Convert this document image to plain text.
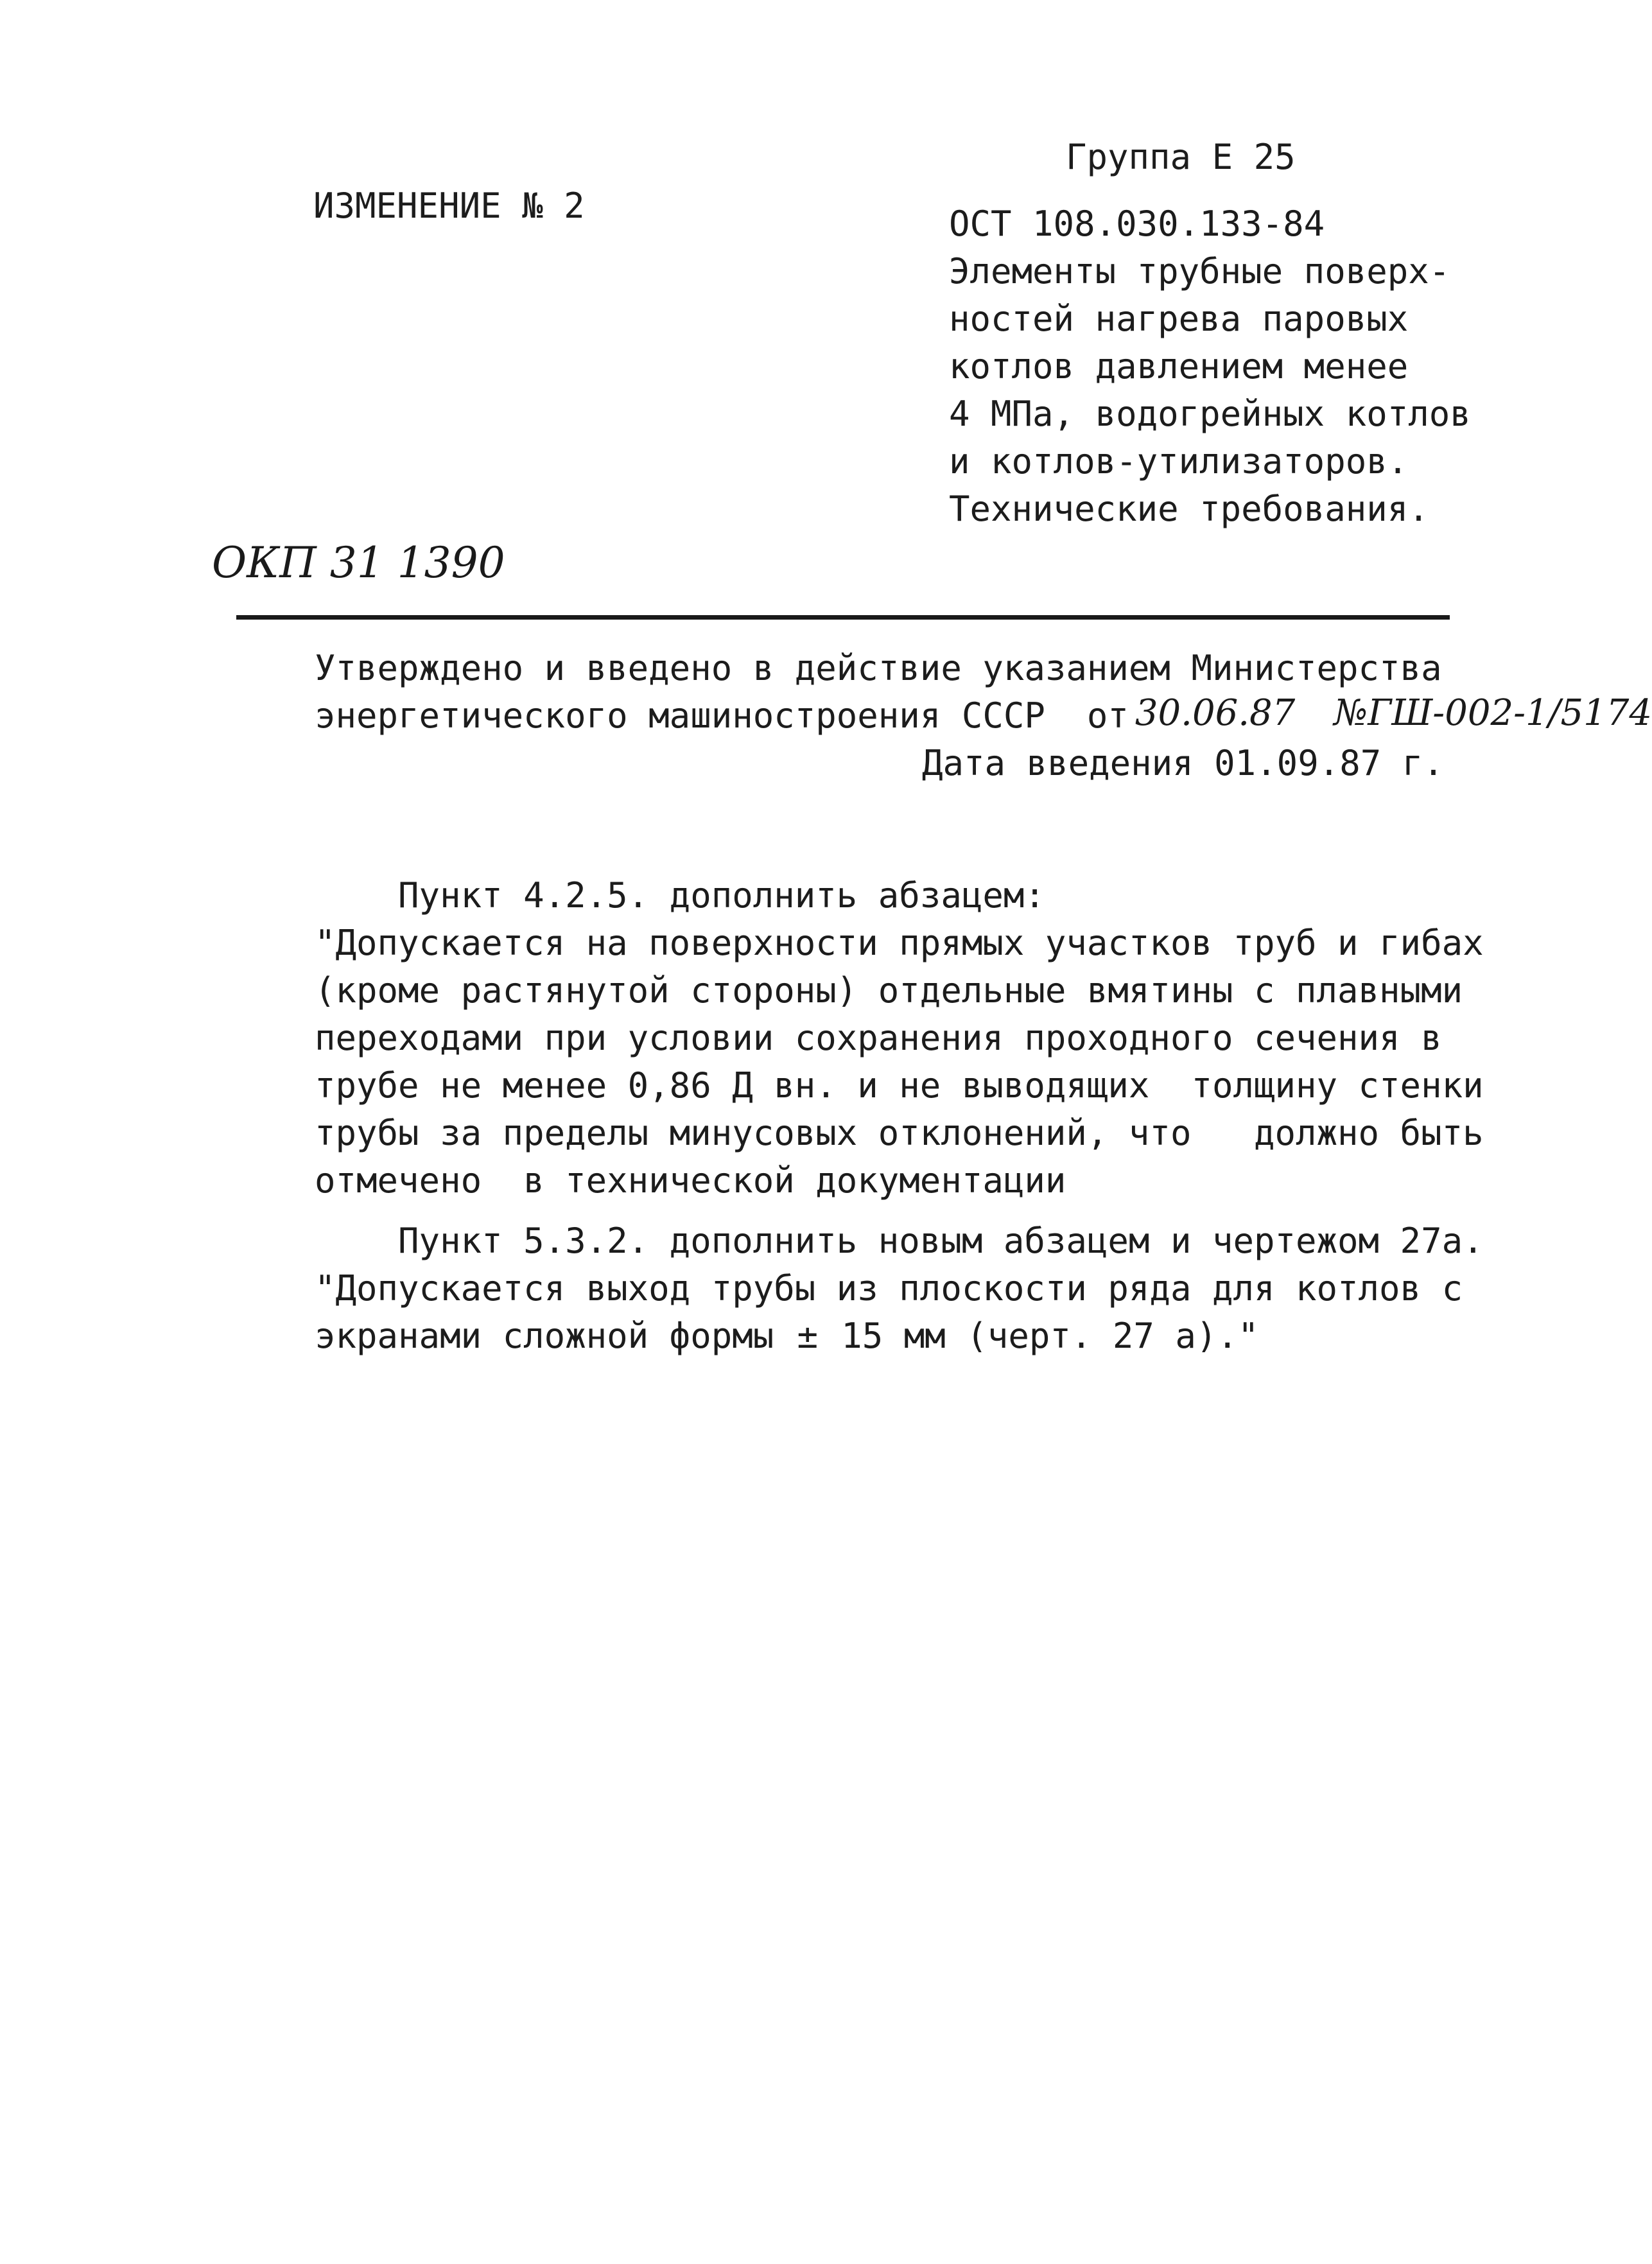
Группа Е 25
ИЗМЕНЕНИЕ № 2	ОСТ 108.030.133-84
Элементы трубные поверх-
ностей нагрева паровых
котлов давлением менее
4 МПа, водогрейных котлов
и котлов-утилизаторов.
Технические требования.
ОКП 31 1390
Утверждено и введено в действие указанием Министерства
энергетического машиностроения СССР  от 30.06.87 №ГШ-002-1/5174
Дата введения 01.09.87 г.
Пункт 4.2.5. дополнить абзацем:
"Допускается на поверхности прямых участков труб и гибах
(кроме растянутой стороны) отдельные вмятины с плавными
переходами при условии сохранения проходного сечения в
трубе не менее 0,86 Д вн. и не выводящих  толщину стенки
трубы за пределы минусовых отклонений, что   должно быть
отмечено  в технической документации
Пункт 5.3.2. дополнить новым абзацем и чертежом 27а.
"Допускается выход трубы из плоскости ряда для котлов с
экранами сложной формы ± 15 мм (черт. 27 а)."
